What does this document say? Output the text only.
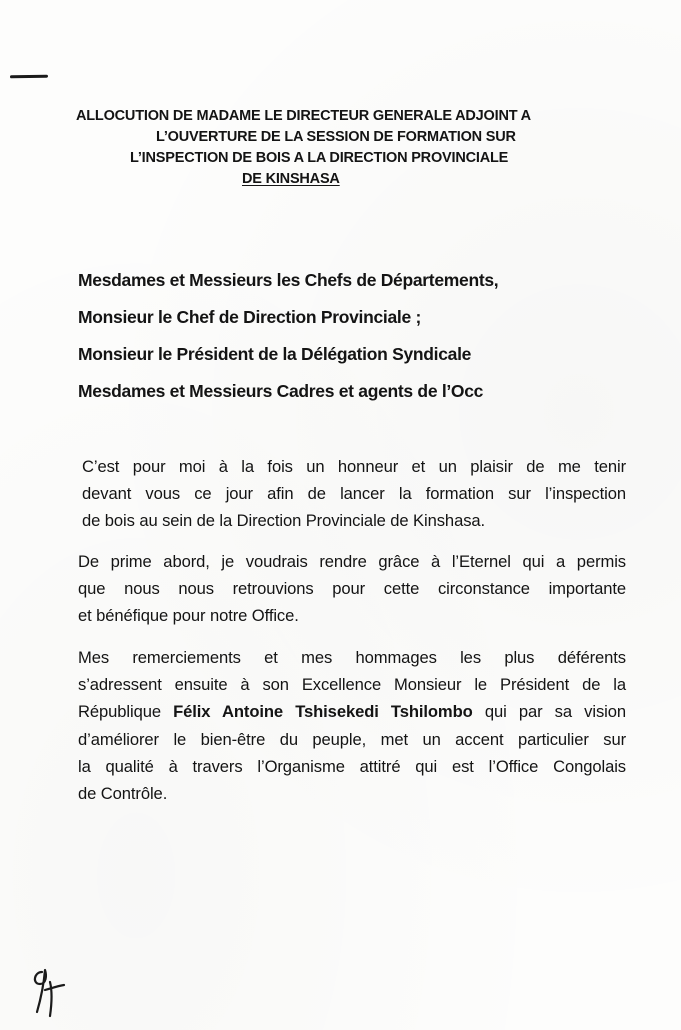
ALLOCUTION DE MADAME LE DIRECTEUR GENERALE ADJOINT A
L’OUVERTURE DE LA SESSION DE FORMATION SUR
L’INSPECTION DE BOIS A LA DIRECTION PROVINCIALE
DE KINSHASA
Mesdames et Messieurs les Chefs de Départements,
Monsieur le Chef de Direction Provinciale ;
Monsieur le Président de la Délégation Syndicale
Mesdames et Messieurs Cadres et agents de l’Occ
C’est pour moi à la fois un honneur et un plaisir de me tenir
devant vous ce jour afin de lancer la formation sur l’inspection
de bois au sein de la Direction Provinciale de Kinshasa.
De prime abord, je voudrais rendre grâce à l’Eternel qui a permis
que nous nous retrouvions pour cette circonstance importante
et bénéfique pour notre Office.
Mes remerciements et mes hommages les plus déférents
s’adressent ensuite à son Excellence Monsieur le Président de la
République Félix Antoine Tshisekedi Tshilombo qui par sa vision
d’améliorer le bien-être du peuple, met un accent particulier sur
la qualité à travers l’Organisme attitré qui est l’Office Congolais
de Contrôle.
